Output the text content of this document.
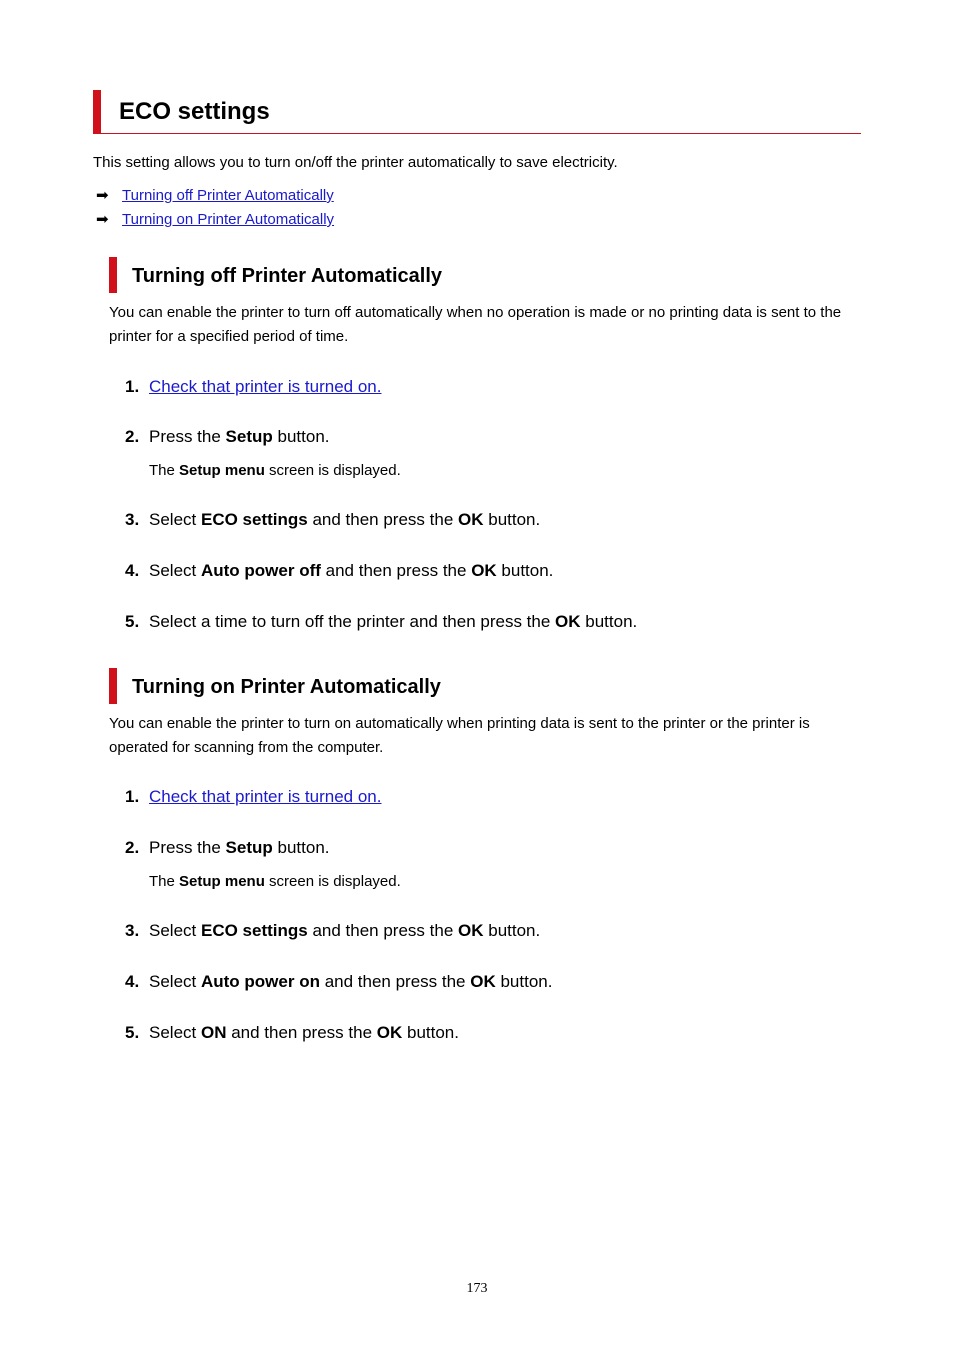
ECO settings
This setting allows you to turn on/off the printer automatically to save electricity.
➡ Turning off Printer Automatically
➡ Turning on Printer Automatically
Turning off Printer Automatically
You can enable the printer to turn off automatically when no operation is made or no printing data is sent to the printer for a specified period of time.
1. Check that printer is turned on.
2. Press the Setup button.
The Setup menu screen is displayed.
3. Select ECO settings and then press the OK button.
4. Select Auto power off and then press the OK button.
5. Select a time to turn off the printer and then press the OK button.
Turning on Printer Automatically
You can enable the printer to turn on automatically when printing data is sent to the printer or the printer is operated for scanning from the computer.
1. Check that printer is turned on.
2. Press the Setup button.
The Setup menu screen is displayed.
3. Select ECO settings and then press the OK button.
4. Select Auto power on and then press the OK button.
5. Select ON and then press the OK button.
173
